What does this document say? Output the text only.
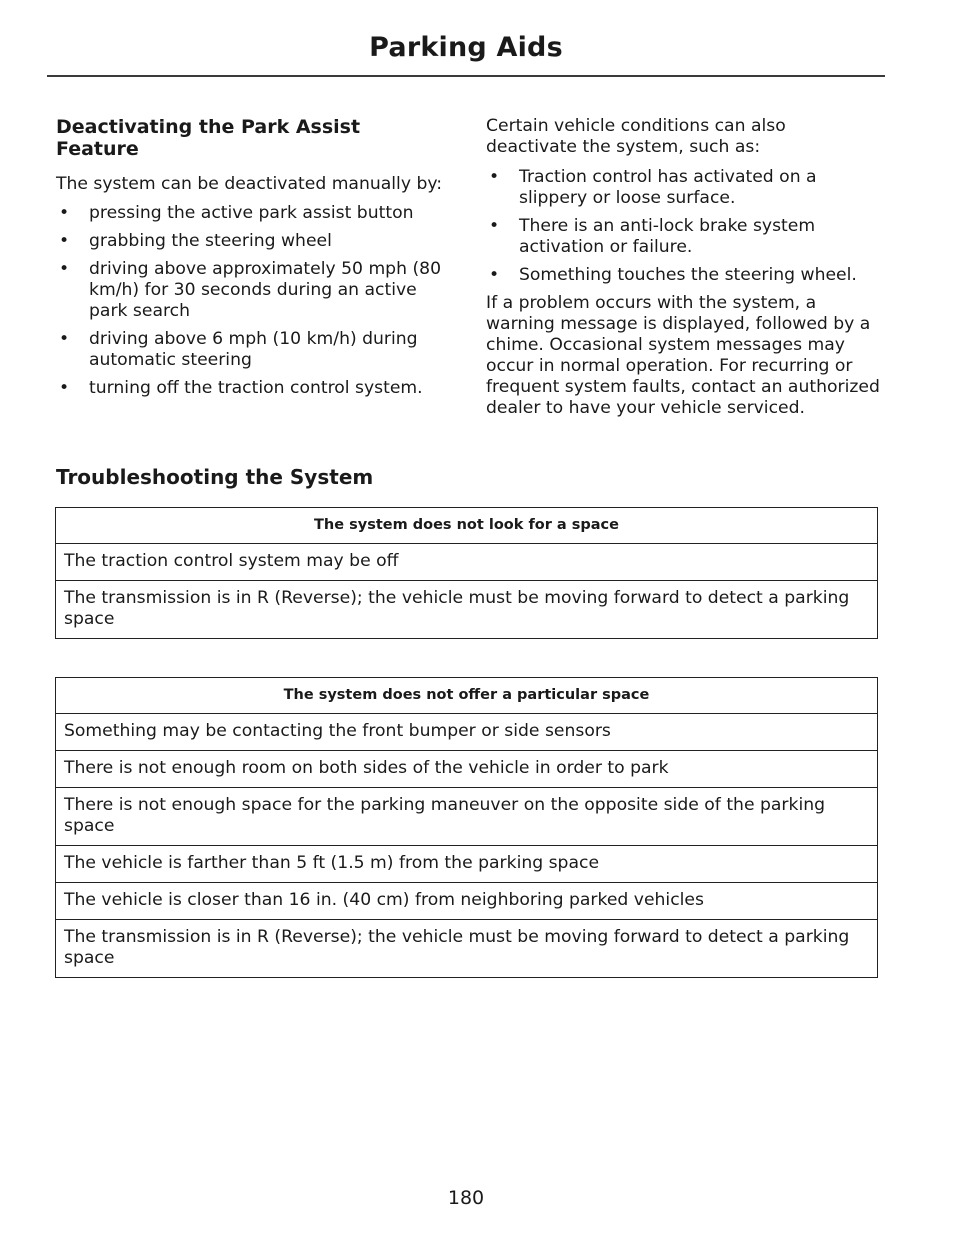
Parking Aids
Deactivating the Park Assist Feature

The system can be deactivated manually by:

• pressing the active park assist button
• grabbing the steering wheel
• driving above approximately 50 mph (80 km/h) for 30 seconds during an active park search
• driving above 6 mph (10 km/h) during automatic steering
• turning off the traction control system.

Certain vehicle conditions can also deactivate the system, such as:

• Traction control has activated on a slippery or loose surface.
• There is an anti-lock brake system activation or failure.
• Something touches the steering wheel.

If a problem occurs with the system, a warning message is displayed, followed by a chime. Occasional system messages may occur in normal operation. For recurring or frequent system faults, contact an authorized dealer to have your vehicle serviced.

Troubleshooting the System
The system does not look for a space
The traction control system may be off
The transmission is in R (Reverse); the vehicle must be moving forward to detect a parking space
The system does not offer a particular space
Something may be contacting the front bumper or side sensors
There is not enough room on both sides of the vehicle in order to park
There is not enough space for the parking maneuver on the opposite side of the parking space
The vehicle is farther than 5 ft (1.5 m) from the parking space
The vehicle is closer than 16 in. (40 cm) from neighboring parked vehicles
The transmission is in R (Reverse); the vehicle must be moving forward to detect a parking space
180
